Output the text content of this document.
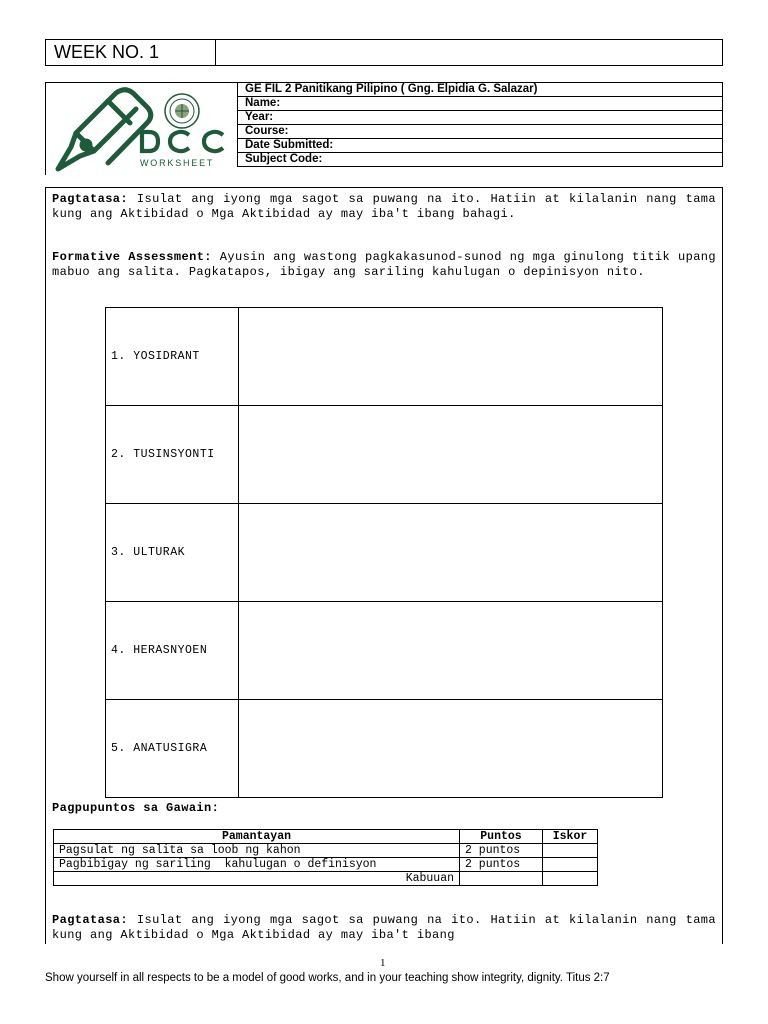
WEEK NO. 1
WORKSHEET
GE FIL 2 Panitikang Pilipino ( Gng. Elpidia G. Salazar)
Name:
Year:
Course:
Date Submitted:
Subject Code:
Pagtatasa: Isulat ang iyong mga sagot sa puwang na ito. Hatiin at kilalanin nang tama kung ang Aktibidad o Mga Aktibidad ay may iba't ibang bahagi.
Formative Assessment: Ayusin ang wastong pagkakasunod-sunod ng mga ginulong titik upang mabuo ang salita. Pagkatapos, ibigay ang sariling kahulugan o depinisyon nito.
1. YOSIDRANT	
2. TUSINSYONTI	
3. ULTURAK	
4. HERASNYOEN	
5. ANATUSIGRA	
Pagpupuntos sa Gawain:
Pamantayan	Puntos	Iskor
Pagsulat ng salita sa loob ng kahon	2 puntos	
Pagbibigay ng sariling  kahulugan o definisyon	2 puntos	
Kabuuan		
Pagtatasa: Isulat ang iyong mga sagot sa puwang na ito. Hatiin at kilalanin nang tama kung ang Aktibidad o Mga Aktibidad ay may iba't ibang
1
Show yourself in all respects to be a model of good works, and in your teaching show integrity, dignity. Titus 2:7
